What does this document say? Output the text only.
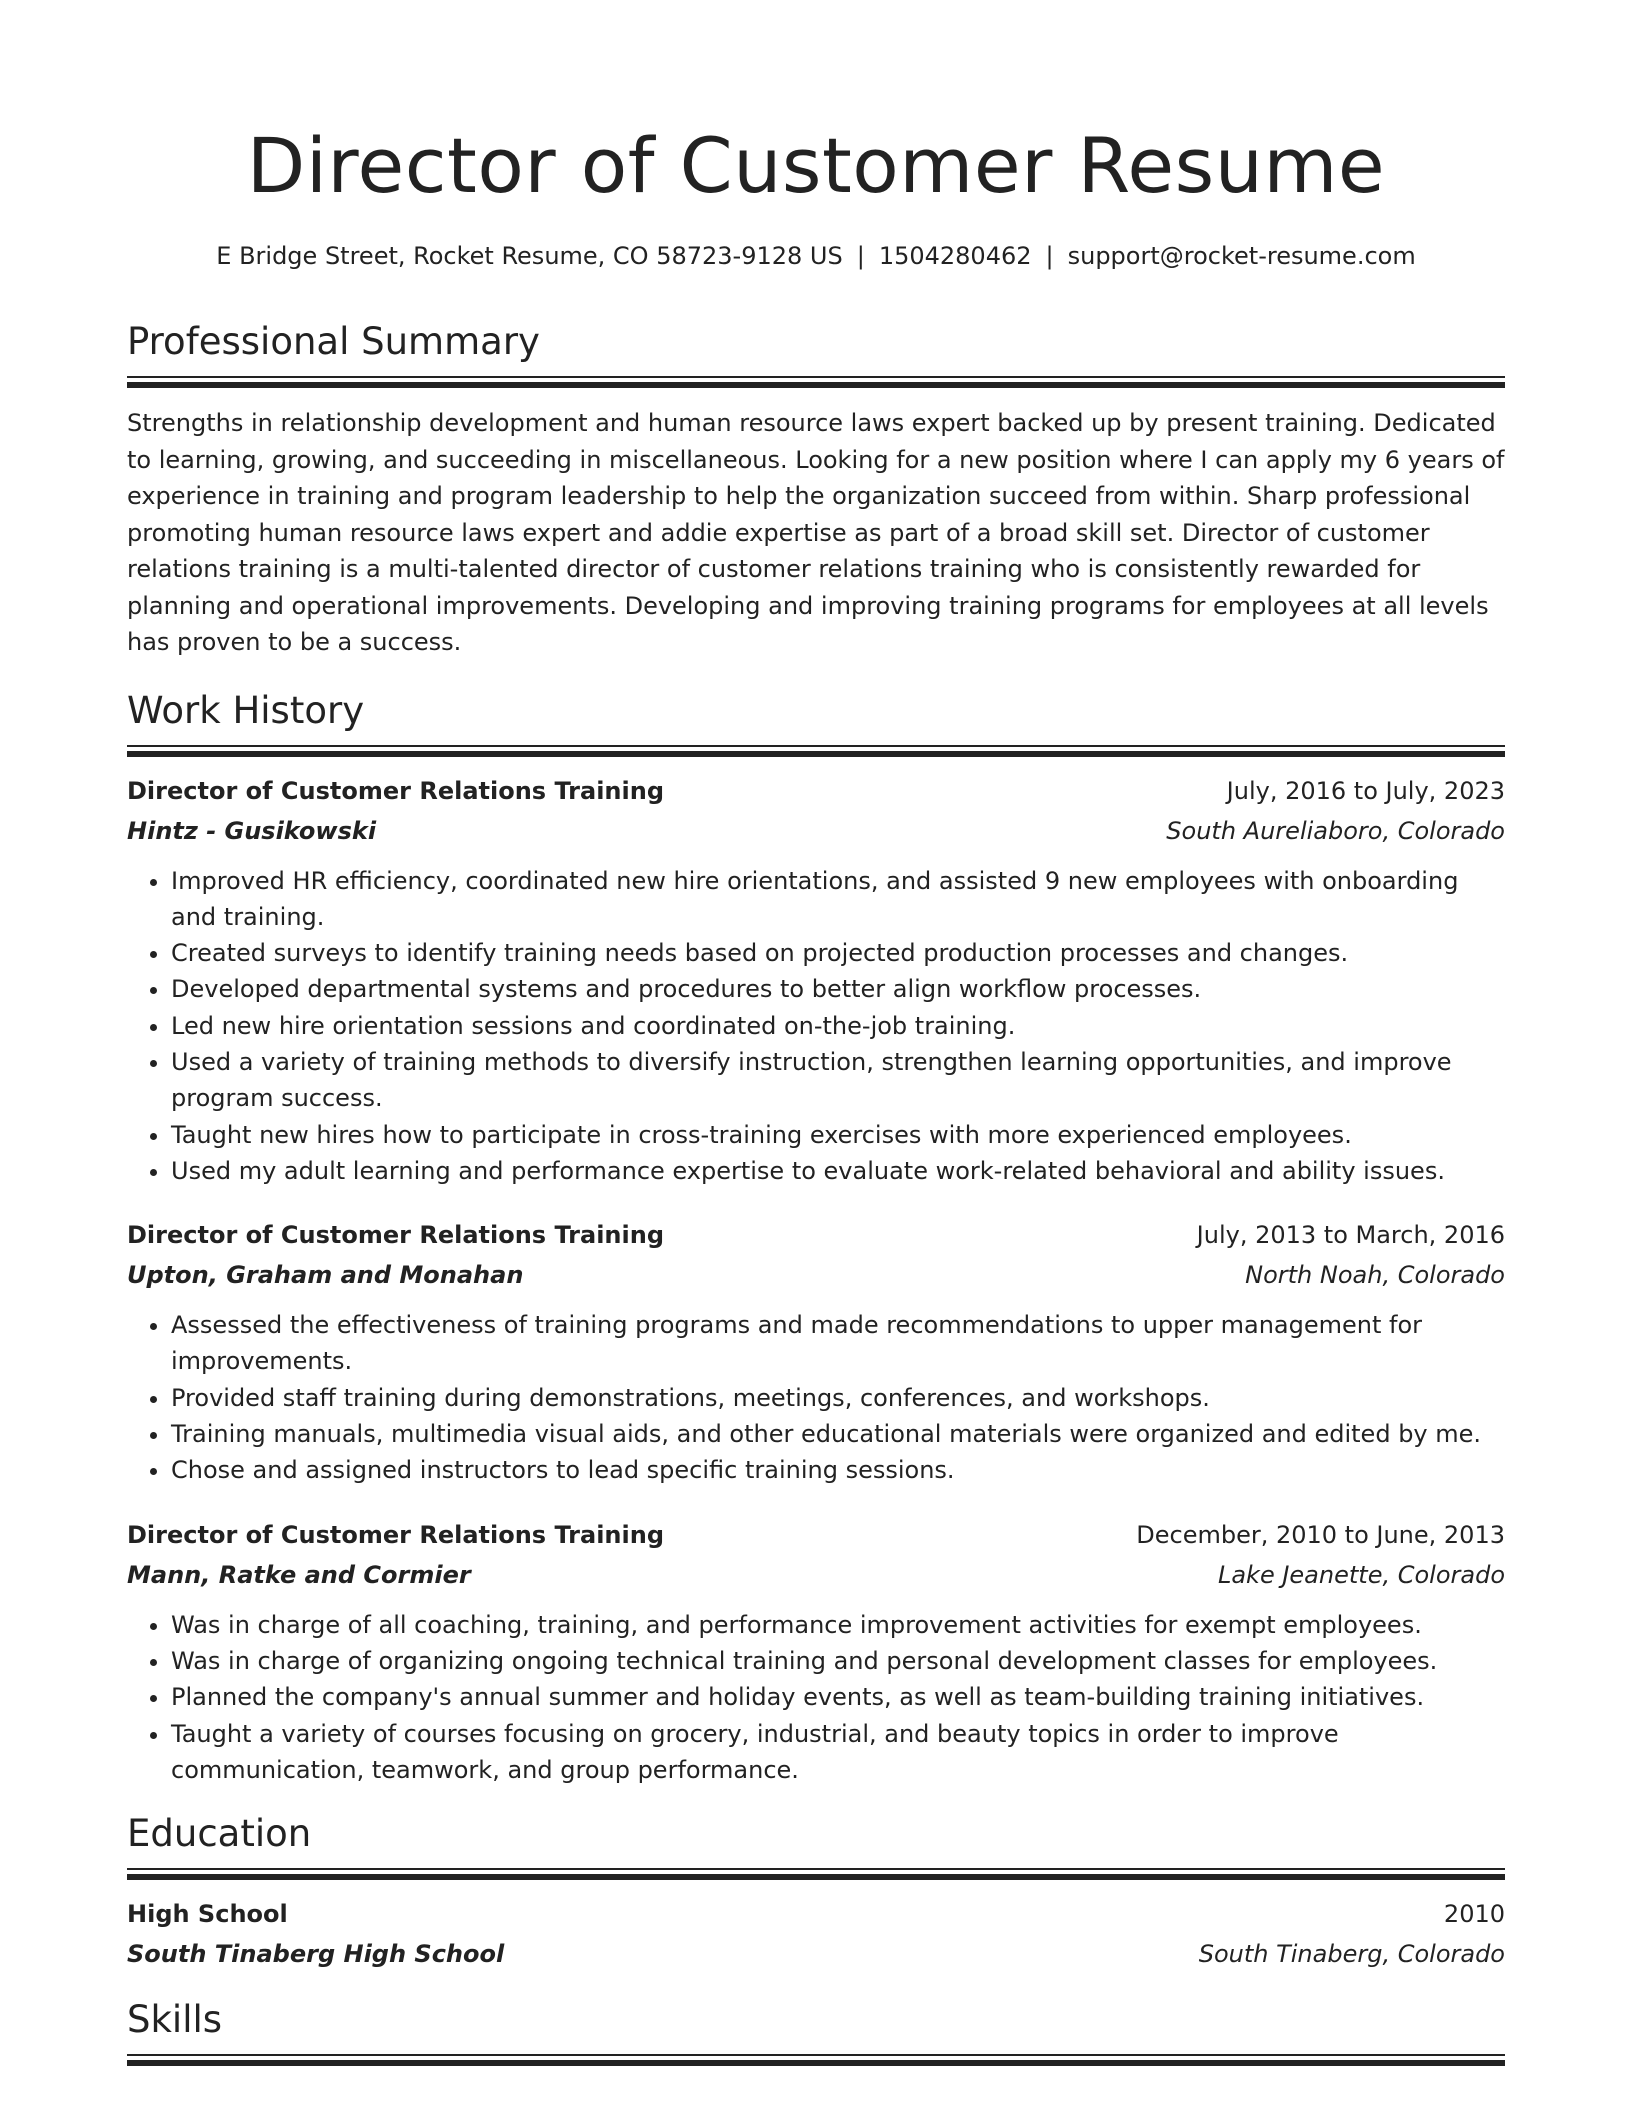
Director of Customer Resume
E Bridge Street, Rocket Resume, CO 58723-9128 US | 1504280462 | support@rocket-resume.com
Professional Summary

Strengths in relationship development and human resource laws expert backed up by present training. Dedicated to learning, growing, and succeeding in miscellaneous. Looking for a new position where I can apply my 6 years of experience in training and program leadership to help the organization succeed from within. Sharp professional promoting human resource laws expert and addie expertise as part of a broad skill set. Director of customer relations training is a multi-talented director of customer relations training who is consistently rewarded for planning and operational improvements. Developing and improving training programs for employees at all levels has proven to be a success.

Work History
Director of Customer Relations Training	July, 2016 to July, 2023
Hintz - Gusikowski	South Aureliaboro, Colorado
• Improved HR efficiency, coordinated new hire orientations, and assisted 9 new employees with onboarding and training.
• Created surveys to identify training needs based on projected production processes and changes.
• Developed departmental systems and procedures to better align workflow processes.
• Led new hire orientation sessions and coordinated on-the-job training.
• Used a variety of training methods to diversify instruction, strengthen learning opportunities, and improve program success.
• Taught new hires how to participate in cross-training exercises with more experienced employees.
• Used my adult learning and performance expertise to evaluate work-related behavioral and ability issues.
Director of Customer Relations Training	July, 2013 to March, 2016
Upton, Graham and Monahan	North Noah, Colorado
• Assessed the effectiveness of training programs and made recommendations to upper management for improvements.
• Provided staff training during demonstrations, meetings, conferences, and workshops.
• Training manuals, multimedia visual aids, and other educational materials were organized and edited by me.
• Chose and assigned instructors to lead specific training sessions.
Director of Customer Relations Training	December, 2010 to June, 2013
Mann, Ratke and Cormier	Lake Jeanette, Colorado
• Was in charge of all coaching, training, and performance improvement activities for exempt employees.
• Was in charge of organizing ongoing technical training and personal development classes for employees.
• Planned the company's annual summer and holiday events, as well as team-building training initiatives.
• Taught a variety of courses focusing on grocery, industrial, and beauty topics in order to improve communication, teamwork, and group performance.
Education
High School	2010
South Tinaberg High School	South Tinaberg, Colorado
Skills
